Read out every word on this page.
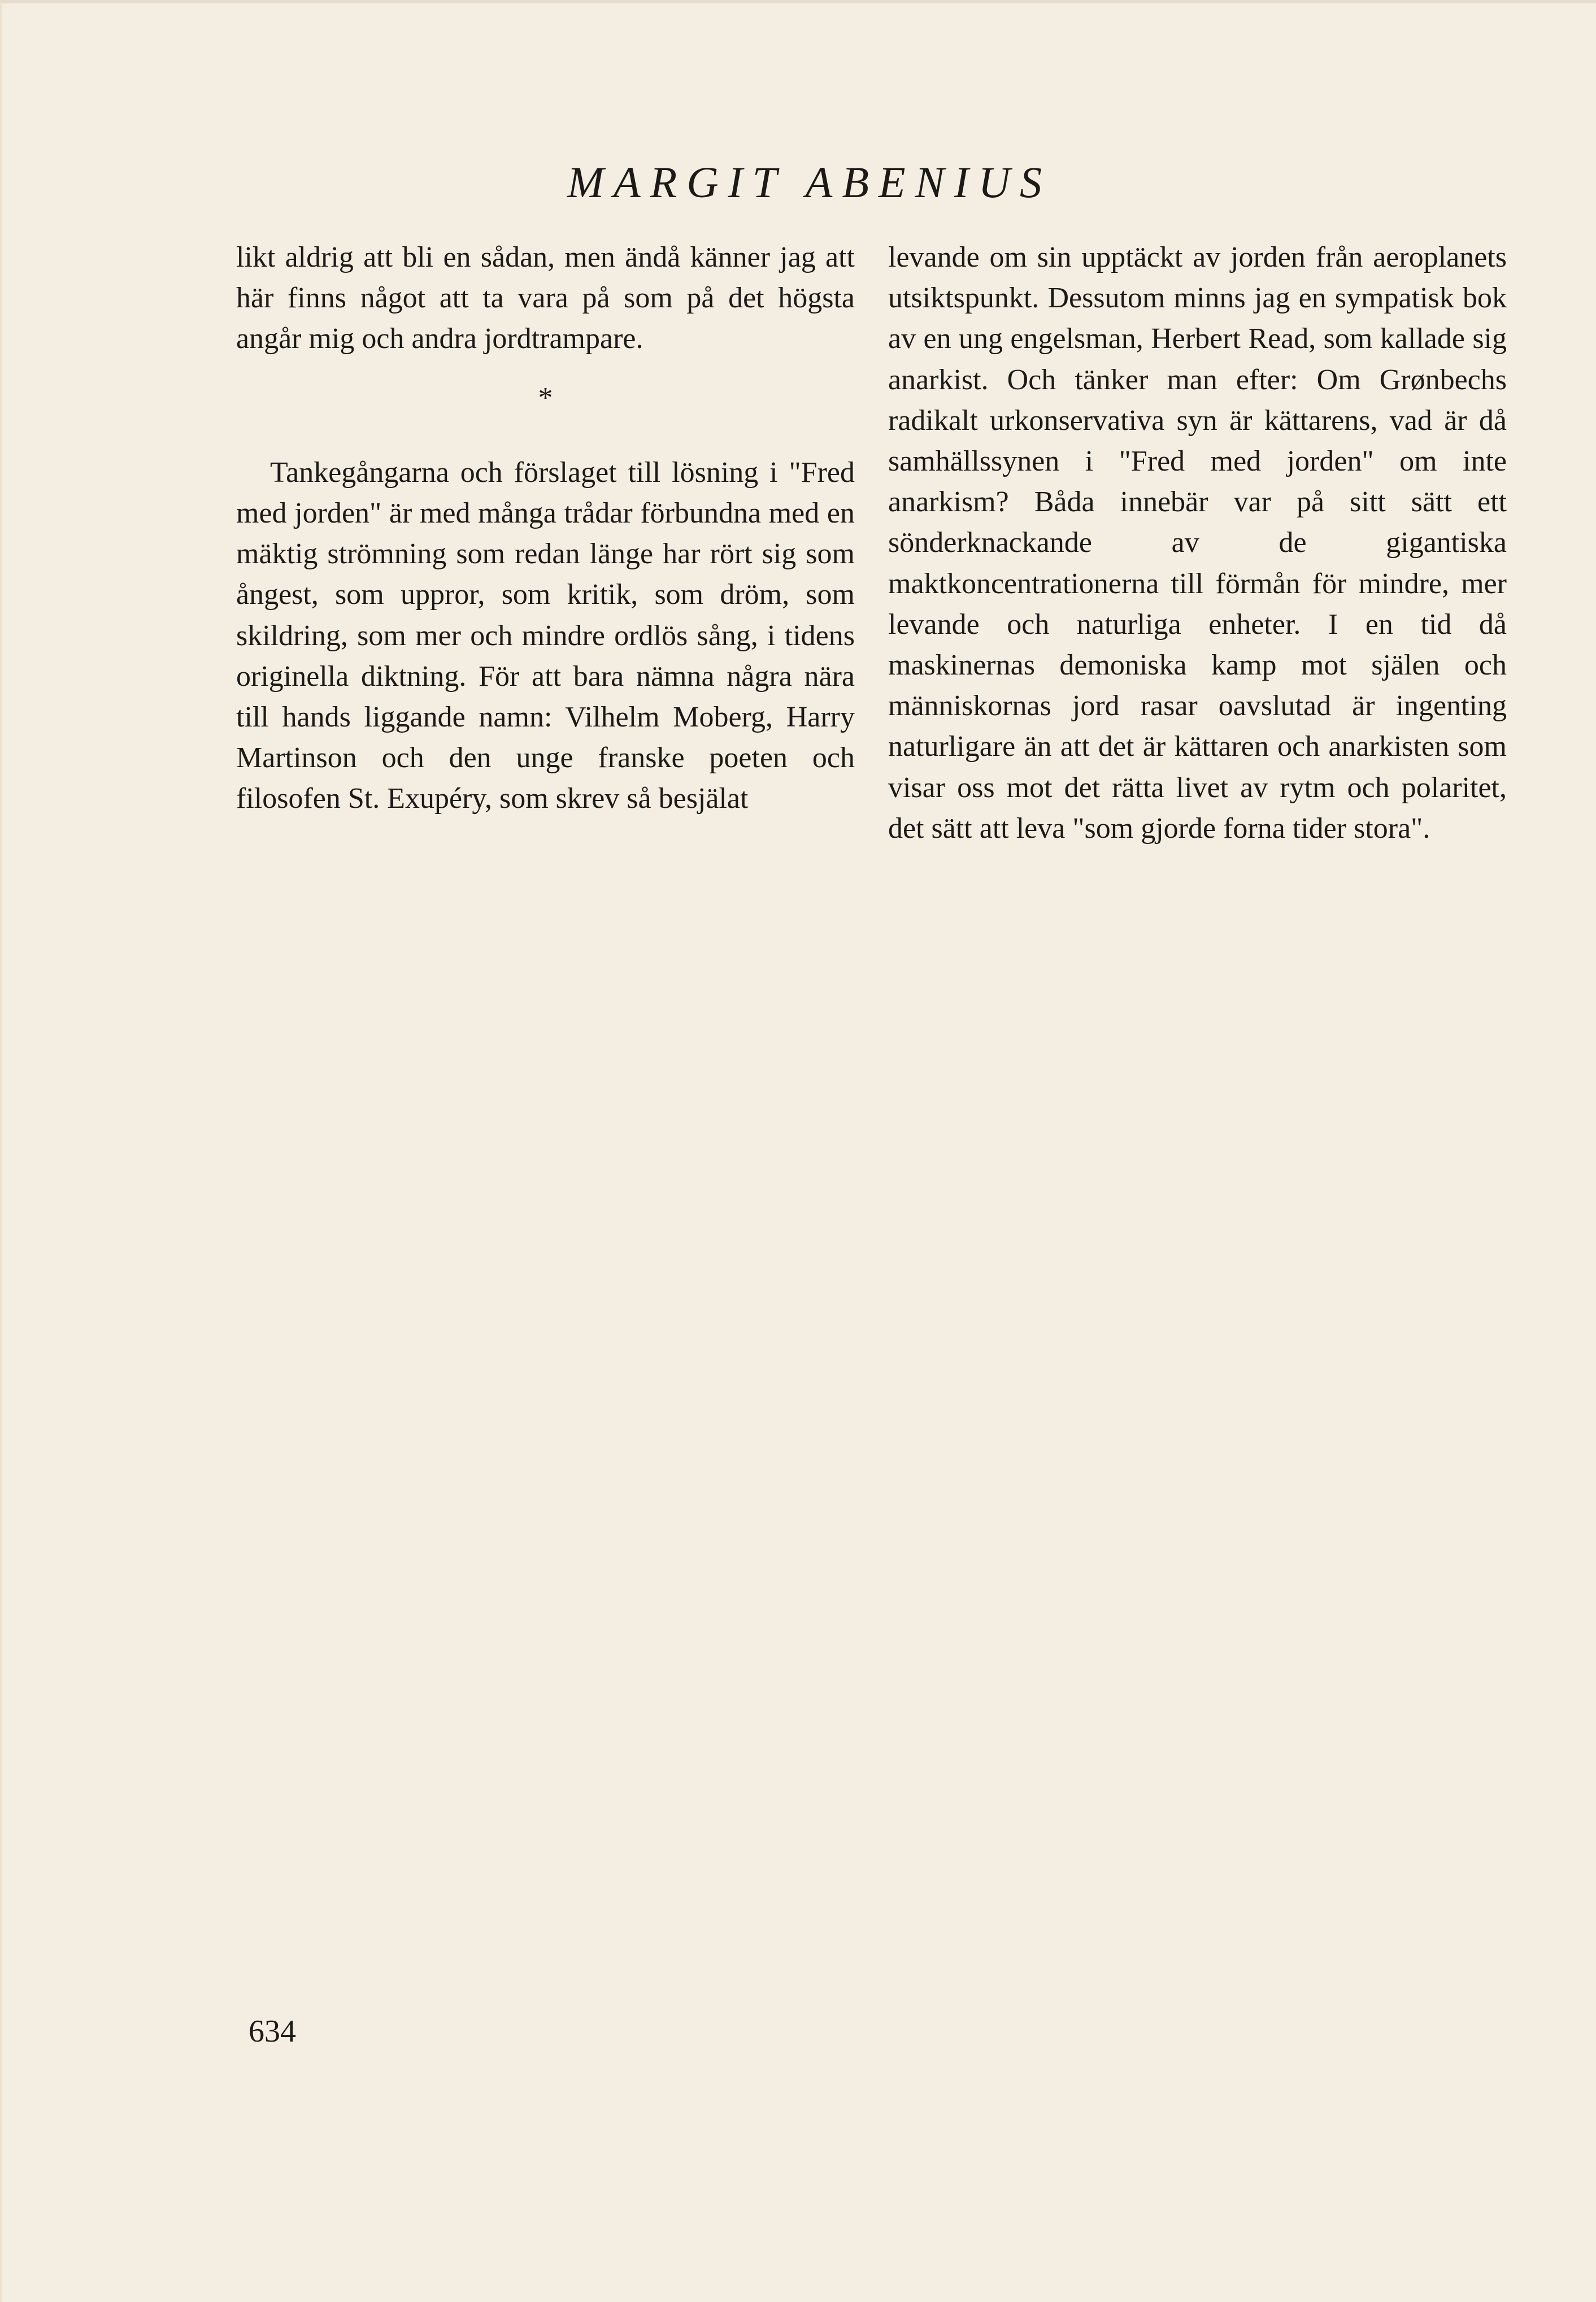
MARGIT ABENIUS

likt aldrig att bli en sådan, men ändå känner jag att här finns något att ta vara på som på det högsta angår mig och andra jordtrampare.

*

Tankegångarna och förslaget till lösning i "Fred med jorden" är med många trådar förbundna med en mäktig strömning som redan länge har rört sig som ångest, som uppror, som kritik, som dröm, som skildring, som mer och mindre ordlös sång, i tidens originella diktning. För att bara nämna några nära till hands liggande namn: Vilhelm Moberg, Harry Martinson och den unge franske poeten och filosofen St. Exupéry, som skrev så besjälat

levande om sin upptäckt av jorden från aeroplanets utsiktspunkt. Dessutom minns jag en sympatisk bok av en ung engelsman, Herbert Read, som kallade sig anarkist. Och tänker man efter: Om Grønbechs radikalt urkonservativa syn är kättarens, vad är då samhällssynen i "Fred med jorden" om inte anarkism? Båda innebär var på sitt sätt ett sönderknackande av de gigantiska maktkoncentrationerna till förmån för mindre, mer levande och naturliga enheter. I en tid då maskinernas demoniska kamp mot själen och människornas jord rasar oavslutad är ingenting naturligare än att det är kättaren och anarkisten som visar oss mot det rätta livet av rytm och polaritet, det sätt att leva "som gjorde forna tider stora".

634
